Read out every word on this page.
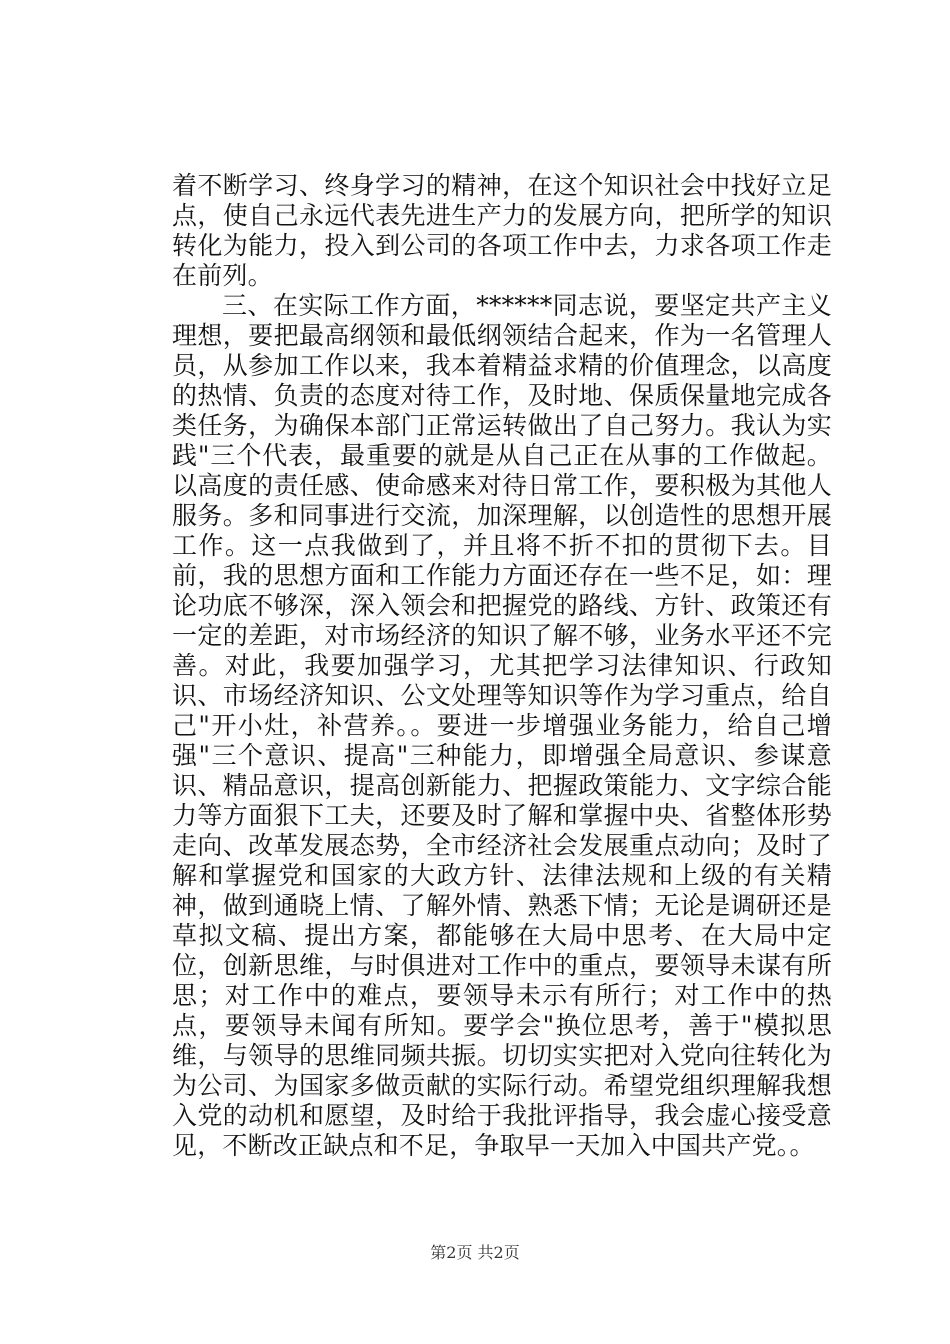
着不断学习、终身学习的精神，在这个知识社会中找好立足点，使自己永远代表先进生产力的发展方向，把所学的知识转化为能力，投入到公司的各项工作中去，力求各项工作走在前列。

三、在实际工作方面，******同志说，要坚定共产主义理想，要把最高纲领和最低纲领结合起来，作为一名管理人员，从参加工作以来，我本着精益求精的价值理念，以高度的热情、负责的态度对待工作，及时地、保质保量地完成各类任务，为确保本部门正常运转做出了自己努力。我认为实践"三个代表，最重要的就是从自己正在从事的工作做起。以高度的责任感、使命感来对待日常工作，要积极为其他人服务。多和同事进行交流，加深理解，以创造性的思想开展工作。这一点我做到了，并且将不折不扣的贯彻下去。目前，我的思想方面和工作能力方面还存在一些不足，如：理论功底不够深，深入领会和把握党的路线、方针、政策还有一定的差距，对市场经济的知识了解不够，业务水平还不完善。对此，我要加强学习，尤其把学习法律知识、行政知识、市场经济知识、公文处理等知识等作为学习重点，给自己"开小灶，补营养。。要进一步增强业务能力，给自己增强"三个意识、提高"三种能力，即增强全局意识、参谋意识、精品意识，提高创新能力、把握政策能力、文字综合能力等方面狠下工夫，还要及时了解和掌握中央、省整体形势走向、改革发展态势，全市经济社会发展重点动向；及时了解和掌握党和国家的大政方针、法律法规和上级的有关精神，做到通晓上情、了解外情、熟悉下情；无论是调研还是草拟文稿、提出方案，都能够在大局中思考、在大局中定位，创新思维，与时俱进对工作中的重点，要领导未谋有所思；对工作中的难点，要领导未示有所行；对工作中的热点，要领导未闻有所知。要学会"换位思考，善于"模拟思维，与领导的思维同频共振。切切实实把对入党向往转化为为公司、为国家多做贡献的实际行动。希望党组织理解我想入党的动机和愿望，及时给于我批评指导，我会虚心接受意见，不断改正缺点和不足，争取早一天加入中国共产党。。

第2页 共2页
